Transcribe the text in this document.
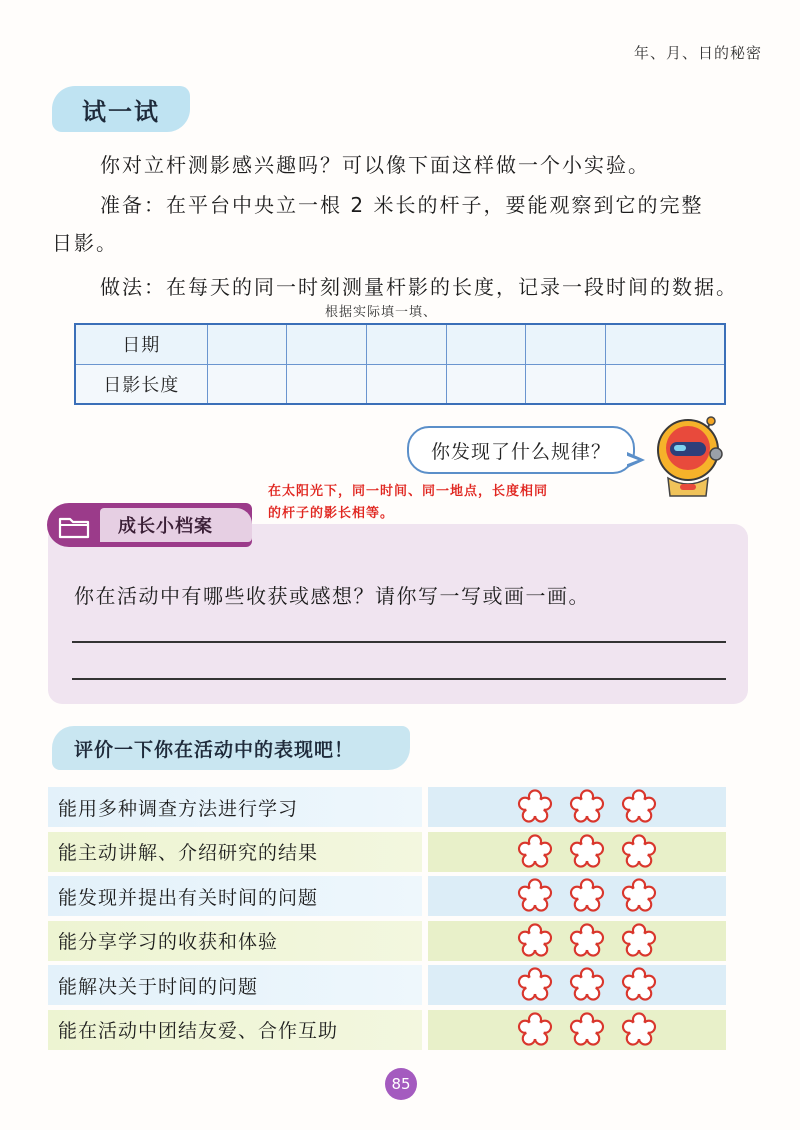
年、月、日的秘密
试一试
你对立杆测影感兴趣吗？可以像下面这样做一个小实验。
准备：在平台中央立一根 2 米长的杆子，要能观察到它的完整
日影。
做法：在每天的同一时刻测量杆影的长度，记录一段时间的数据。
根据实际填一填、
日期						
日影长度						
你发现了什么规律？
在太阳光下，同一时间、同一地点，长度相同
的杆子的影长相等。
成长小档案
你在活动中有哪些收获或感想？请你写一写或画一画。
评价一下你在活动中的表现吧！
能用多种调查方法进行学习
能主动讲解、介绍研究的结果
能发现并提出有关时间的问题
能分享学习的收获和体验
能解决关于时间的问题
能在活动中团结友爱、合作互助
85
